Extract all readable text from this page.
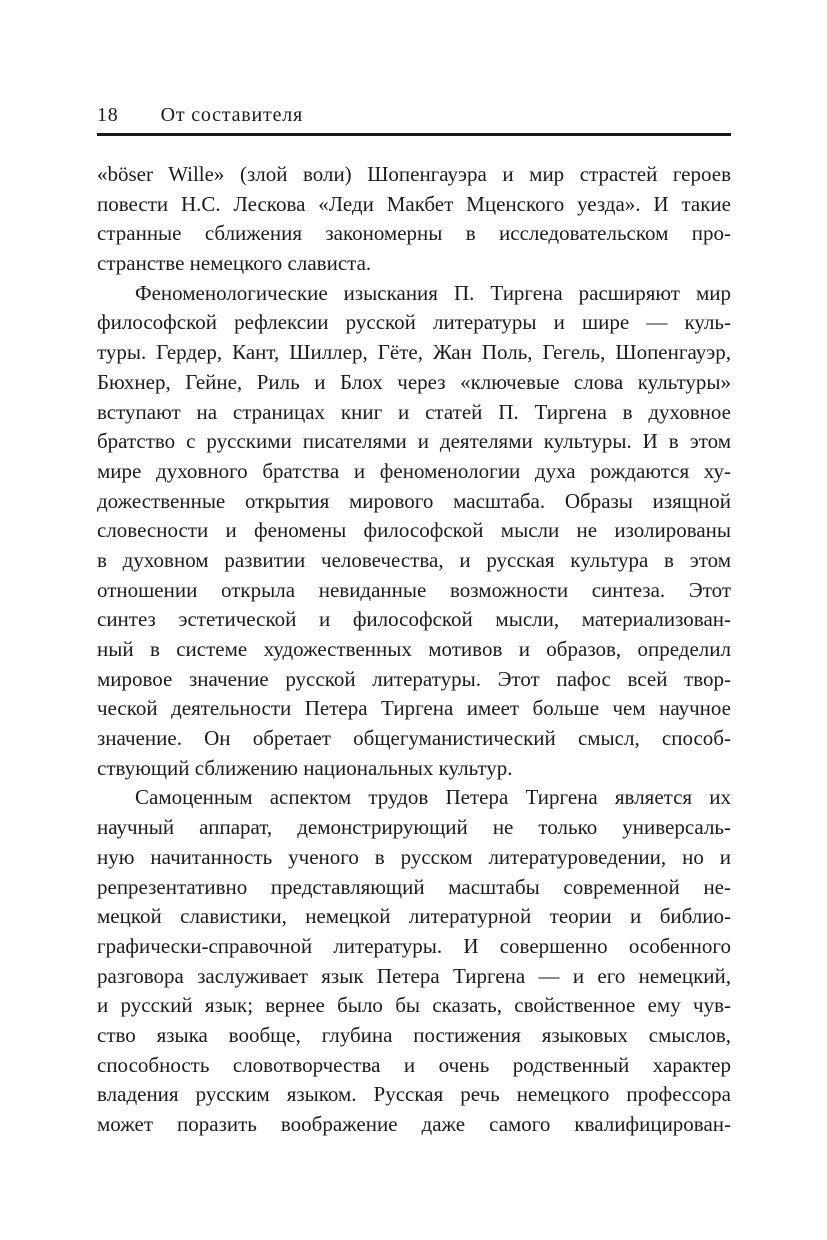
18 От составителя
«böser Wille» (злой воли) Шопенгауэра и мир страстей героев
повести Н.С. Лескова «Леди Макбет Мценского уезда». И такие
странные сближения закономерны в исследовательском про-
странстве немецкого слависта.
Феноменологические изыскания П. Тиргена расширяют мир
философской рефлексии русской литературы и шире — куль-
туры. Гердер, Кант, Шиллер, Гёте, Жан Поль, Гегель, Шопенгауэр,
Бюхнер, Гейне, Риль и Блох через «ключевые слова культуры»
вступают на страницах книг и статей П. Тиргена в духовное
братство с русскими писателями и деятелями культуры. И в этом
мире духовного братства и феноменологии духа рождаются ху-
дожественные открытия мирового масштаба. Образы изящной
словесности и феномены философской мысли не изолированы
в духовном развитии человечества, и русская культура в этом
отношении открыла невиданные возможности синтеза. Этот
синтез эстетической и философской мысли, материализован-
ный в системе художественных мотивов и образов, определил
мировое значение русской литературы. Этот пафос всей твор-
ческой деятельности Петера Тиргена имеет больше чем научное
значение. Он обретает общегуманистический смысл, способ-
ствующий сближению национальных культур.
Самоценным аспектом трудов Петера Тиргена является их
научный аппарат, демонстрирующий не только универсаль-
ную начитанность ученого в русском литературоведении, но и
репрезентативно представляющий масштабы современной не-
мецкой славистики, немецкой литературной теории и библио-
графически-справочной литературы. И совершенно особенного
разговора заслуживает язык Петера Тиргена — и его немецкий,
и русский язык; вернее было бы сказать, свойственное ему чув-
ство языка вообще, глубина постижения языковых смыслов,
способность словотворчества и очень родственный характер
владения русским языком. Русская речь немецкого профессора
может поразить воображение даже самого квалифицирован-
